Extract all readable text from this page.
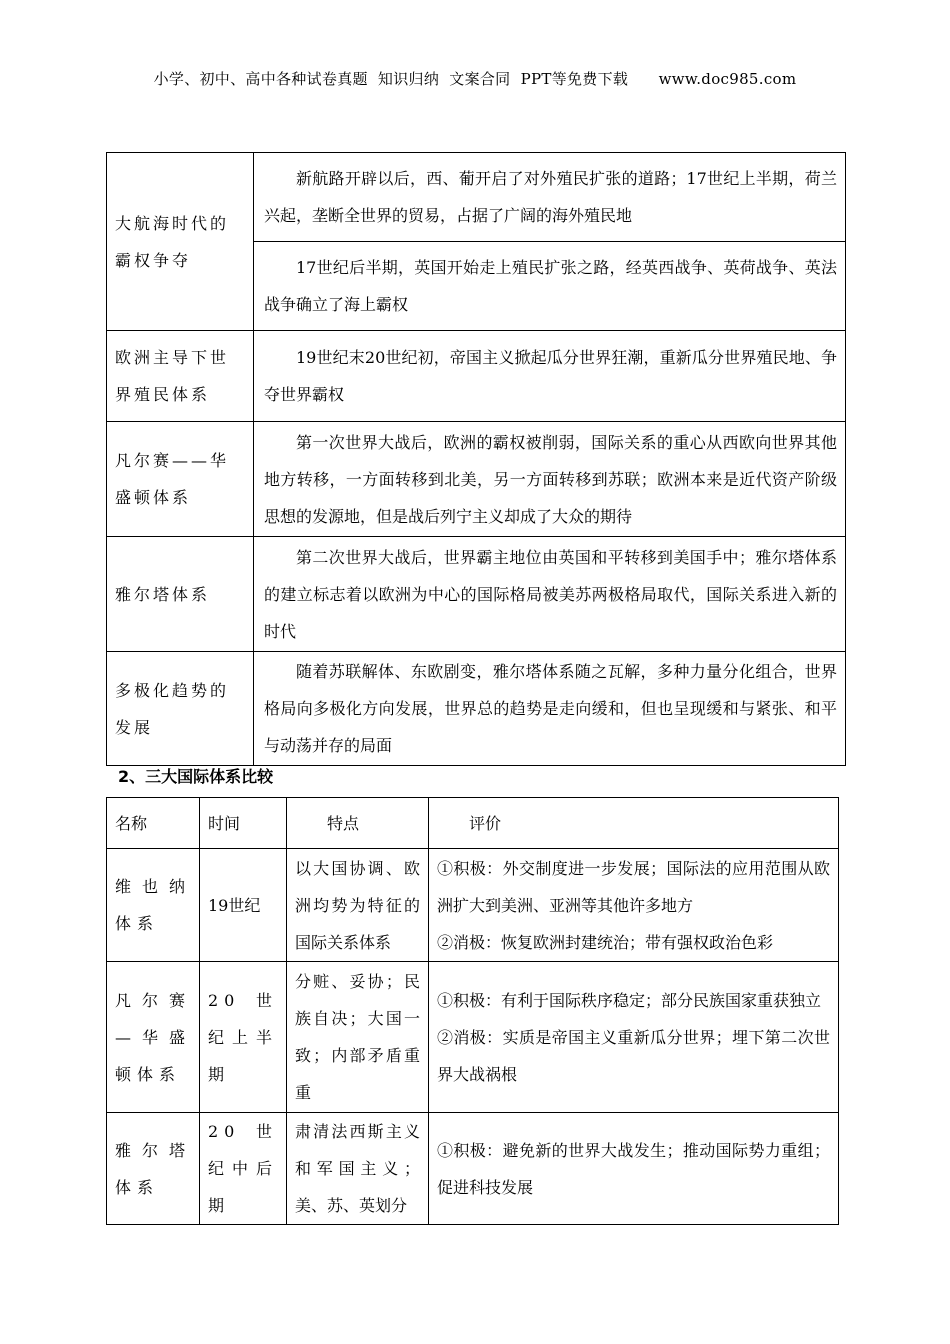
小学、初中、高中各种试卷真题  知识归纳  文案合同  PPT等免费下载      www.doc985.com
大航海时代的霸权争夺	新航路开辟以后，西、葡开启了对外殖民扩张的道路；17世纪上半期，荷兰兴起，垄断全世界的贸易，占据了广阔的海外殖民地
	17世纪后半期，英国开始走上殖民扩张之路，经英西战争、英荷战争、英法战争确立了海上霸权
欧洲主导下世界殖民体系	19世纪末20世纪初，帝国主义掀起瓜分世界狂潮，重新瓜分世界殖民地、争夺世界霸权
凡尔赛——华盛顿体系	第一次世界大战后，欧洲的霸权被削弱，国际关系的重心从西欧向世界其他地方转移，一方面转移到北美，另一方面转移到苏联；欧洲本来是近代资产阶级思想的发源地，但是战后列宁主义却成了大众的期待
雅尔塔体系	第二次世界大战后，世界霸主地位由英国和平转移到美国手中；雅尔塔体系的建立标志着以欧洲为中心的国际格局被美苏两极格局取代，国际关系进入新的时代
多极化趋势的发展	随着苏联解体、东欧剧变，雅尔塔体系随之瓦解，多种力量分化组合，世界格局向多极化方向发展，世界总的趋势是走向缓和，但也呈现缓和与紧张、和平与动荡并存的局面
2、三大国际体系比较
名称	时间	特点	评价
维也纳体系	19世纪	以大国协调、欧洲均势为特征的国际关系体系	①积极：外交制度进一步发展；国际法的应用范围从欧洲扩大到美洲、亚洲等其他许多地方
②消极：恢复欧洲封建统治；带有强权政治色彩

凡尔赛—华盛顿体系	20世纪上半期	分赃、妥协；民族自决；大国一致；内部矛盾重重	①积极：有利于国际秩序稳定；部分民族国家重获独立
②消极：实质是帝国主义重新瓜分世界；埋下第二次世界大战祸根

雅尔塔体系	20世纪中后期	肃清法西斯主义和军国主义；美、苏、英划分	①积极：避免新的世界大战发生；推动国际势力重组；促进科技发展
